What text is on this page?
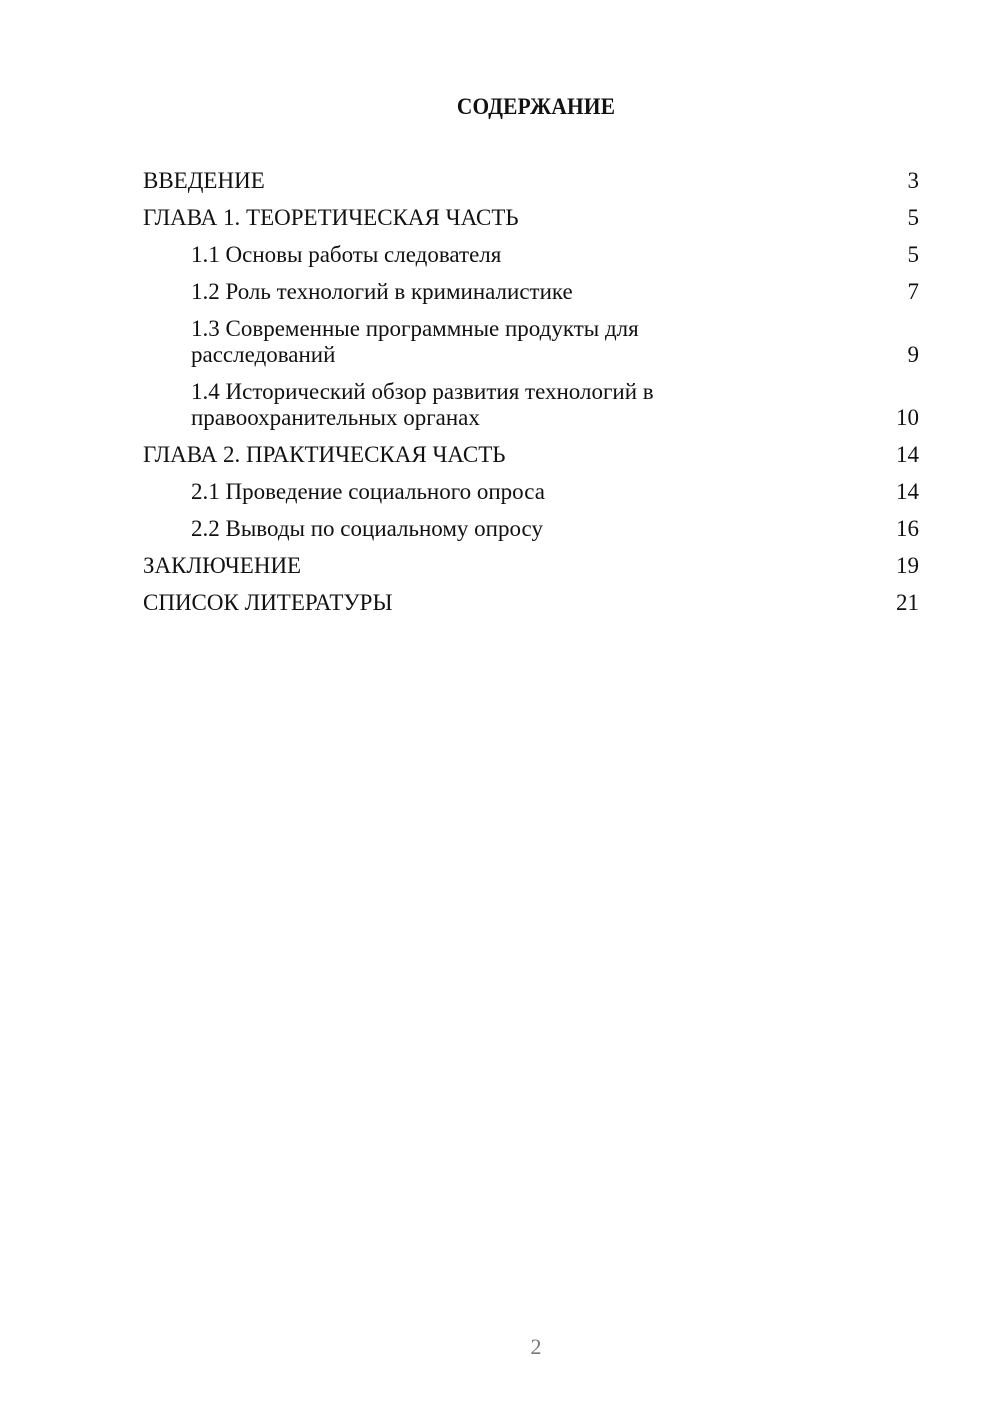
СОДЕРЖАНИЕ
ВВЕДЕНИЕ	3
ГЛАВА 1. ТЕОРЕТИЧЕСКАЯ ЧАСТЬ	5
1.1 Основы работы следователя	5
1.2 Роль технологий в криминалистике	7
1.3 Современные программные продукты для расследований	9
1.4 Исторический обзор развития технологий в правоохранительных органах	10
ГЛАВА 2. ПРАКТИЧЕСКАЯ ЧАСТЬ	14
2.1 Проведение социального опроса	14
2.2 Выводы по социальному опросу	16
ЗАКЛЮЧЕНИЕ	19
СПИСОК ЛИТЕРАТУРЫ	21
2
